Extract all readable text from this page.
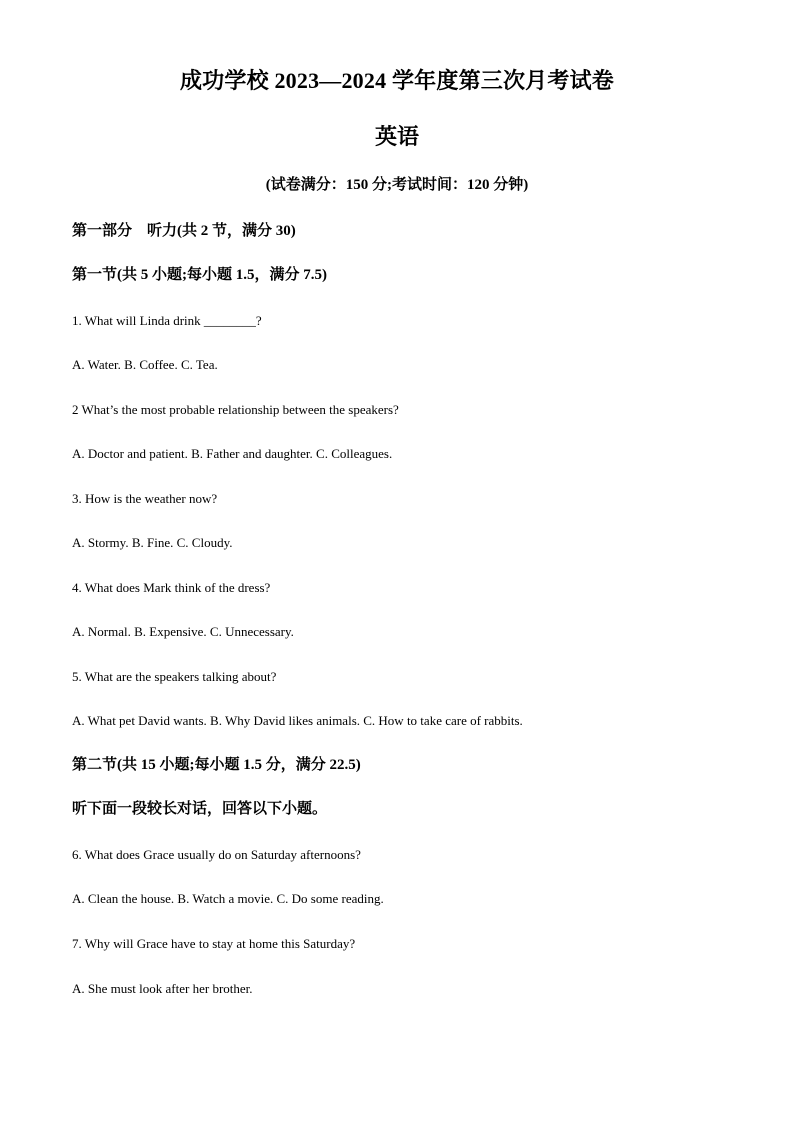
成功学校 2023—2024 学年度第三次月考试卷
英语
(试卷满分：150 分;考试时间：120 分钟)
第一部分　听力(共 2 节，满分 30)
第一节(共 5 小题;每小题 1.5，满分 7.5)
1. What will Linda drink ________?
A. Water. B. Coffee. C. Tea.
2 What’s the most probable relationship between the speakers?
A. Doctor and patient. B. Father and daughter. C. Colleagues.
3. How is the weather now?
A. Stormy. B. Fine. C. Cloudy.
4. What does Mark think of the dress?
A. Normal. B. Expensive. C. Unnecessary.
5. What are the speakers talking about?
A. What pet David wants. B. Why David likes animals. C. How to take care of rabbits.
第二节(共 15 小题;每小题 1.5 分，满分 22.5)
听下面一段较长对话，回答以下小题。
6. What does Grace usually do on Saturday afternoons?
A. Clean the house. B. Watch a movie. C. Do some reading.
7. Why will Grace have to stay at home this Saturday?
A. She must look after her brother.
